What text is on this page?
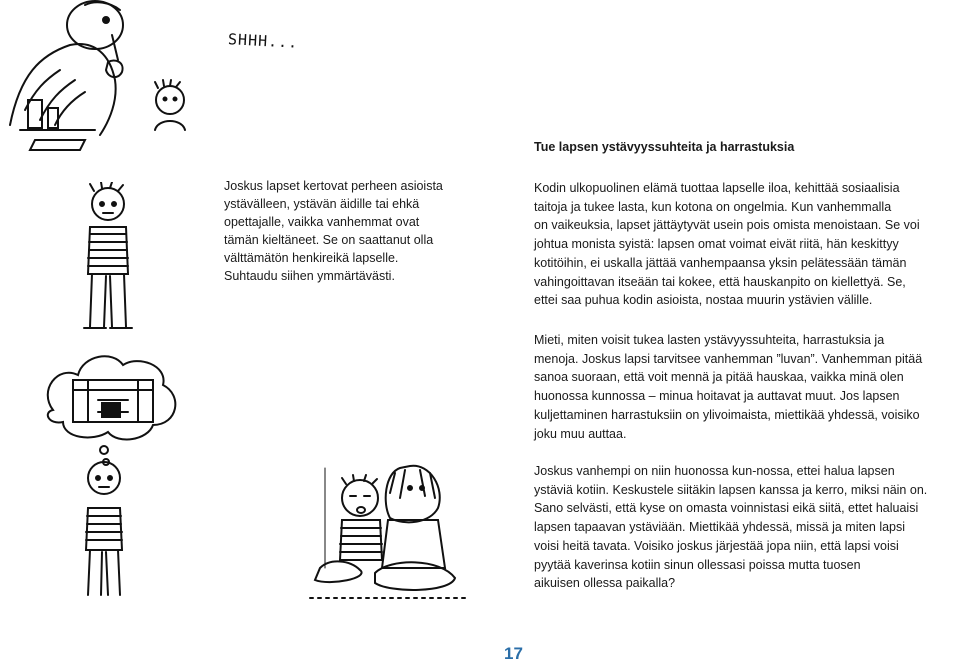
SHHH...
Tue lapsen ystävyyssuhteita ja harrastuksia

Joskus lapset kertovat perheen asioista

ystävälleen, ystävän äidille tai ehkä

opettajalle, vaikka vanhemmat ovat

tämän kieltäneet. Se on saattanut olla

välttämätön henkireikä lapselle.

Suhtaudu siihen ymmärtävästi.

Kodin ulkopuolinen elämä tuottaa lapselle iloa, kehittää sosiaalisia

taitoja ja tukee lasta, kun kotona on ongelmia. Kun vanhemmalla

on vaikeuksia, lapset jättäytyvät usein pois omista menoistaan. Se voi

johtua monista syistä: lapsen omat voimat eivät riitä, hän keskittyy

kotitöihin, ei uskalla jättää vanhempaansa yksin pelätessään tämän

vahingoittavan itseään tai kokee, että hauskanpito on kiellettyä. Se,

ettei saa puhua kodin asioista, nostaa muurin ystävien välille.

Mieti, miten voisit tukea lasten ystävyyssuhteita, harrastuksia ja

menoja. Joskus lapsi tarvitsee vanhemman ”luvan”. Vanhemman pitää

sanoa suoraan, että voit mennä ja pitää hauskaa, vaikka minä olen

huonossa kunnossa – minua hoitavat ja auttavat muut. Jos lapsen

kuljettaminen harrastuksiin on ylivoimaista, miettikää yhdessä, voisiko

joku muu auttaa.

Joskus vanhempi on niin huonossa kun-nossa, ettei halua lapsen

ystäviä kotiin. Keskustele siitäkin lapsen kanssa ja kerro, miksi näin on.

Sano selvästi, että kyse on omasta voinnistasi eikä siitä, ettet haluaisi

lapsen tapaavan ystäviään. Miettikää yhdessä, missä ja miten lapsi

voisi heitä tavata. Voisiko joskus järjestää jopa niin, että lapsi voisi

pyytää kaverinsa kotiin sinun ollessasi poissa mutta tuosen

aikuisen ollessa paikalla?

17
